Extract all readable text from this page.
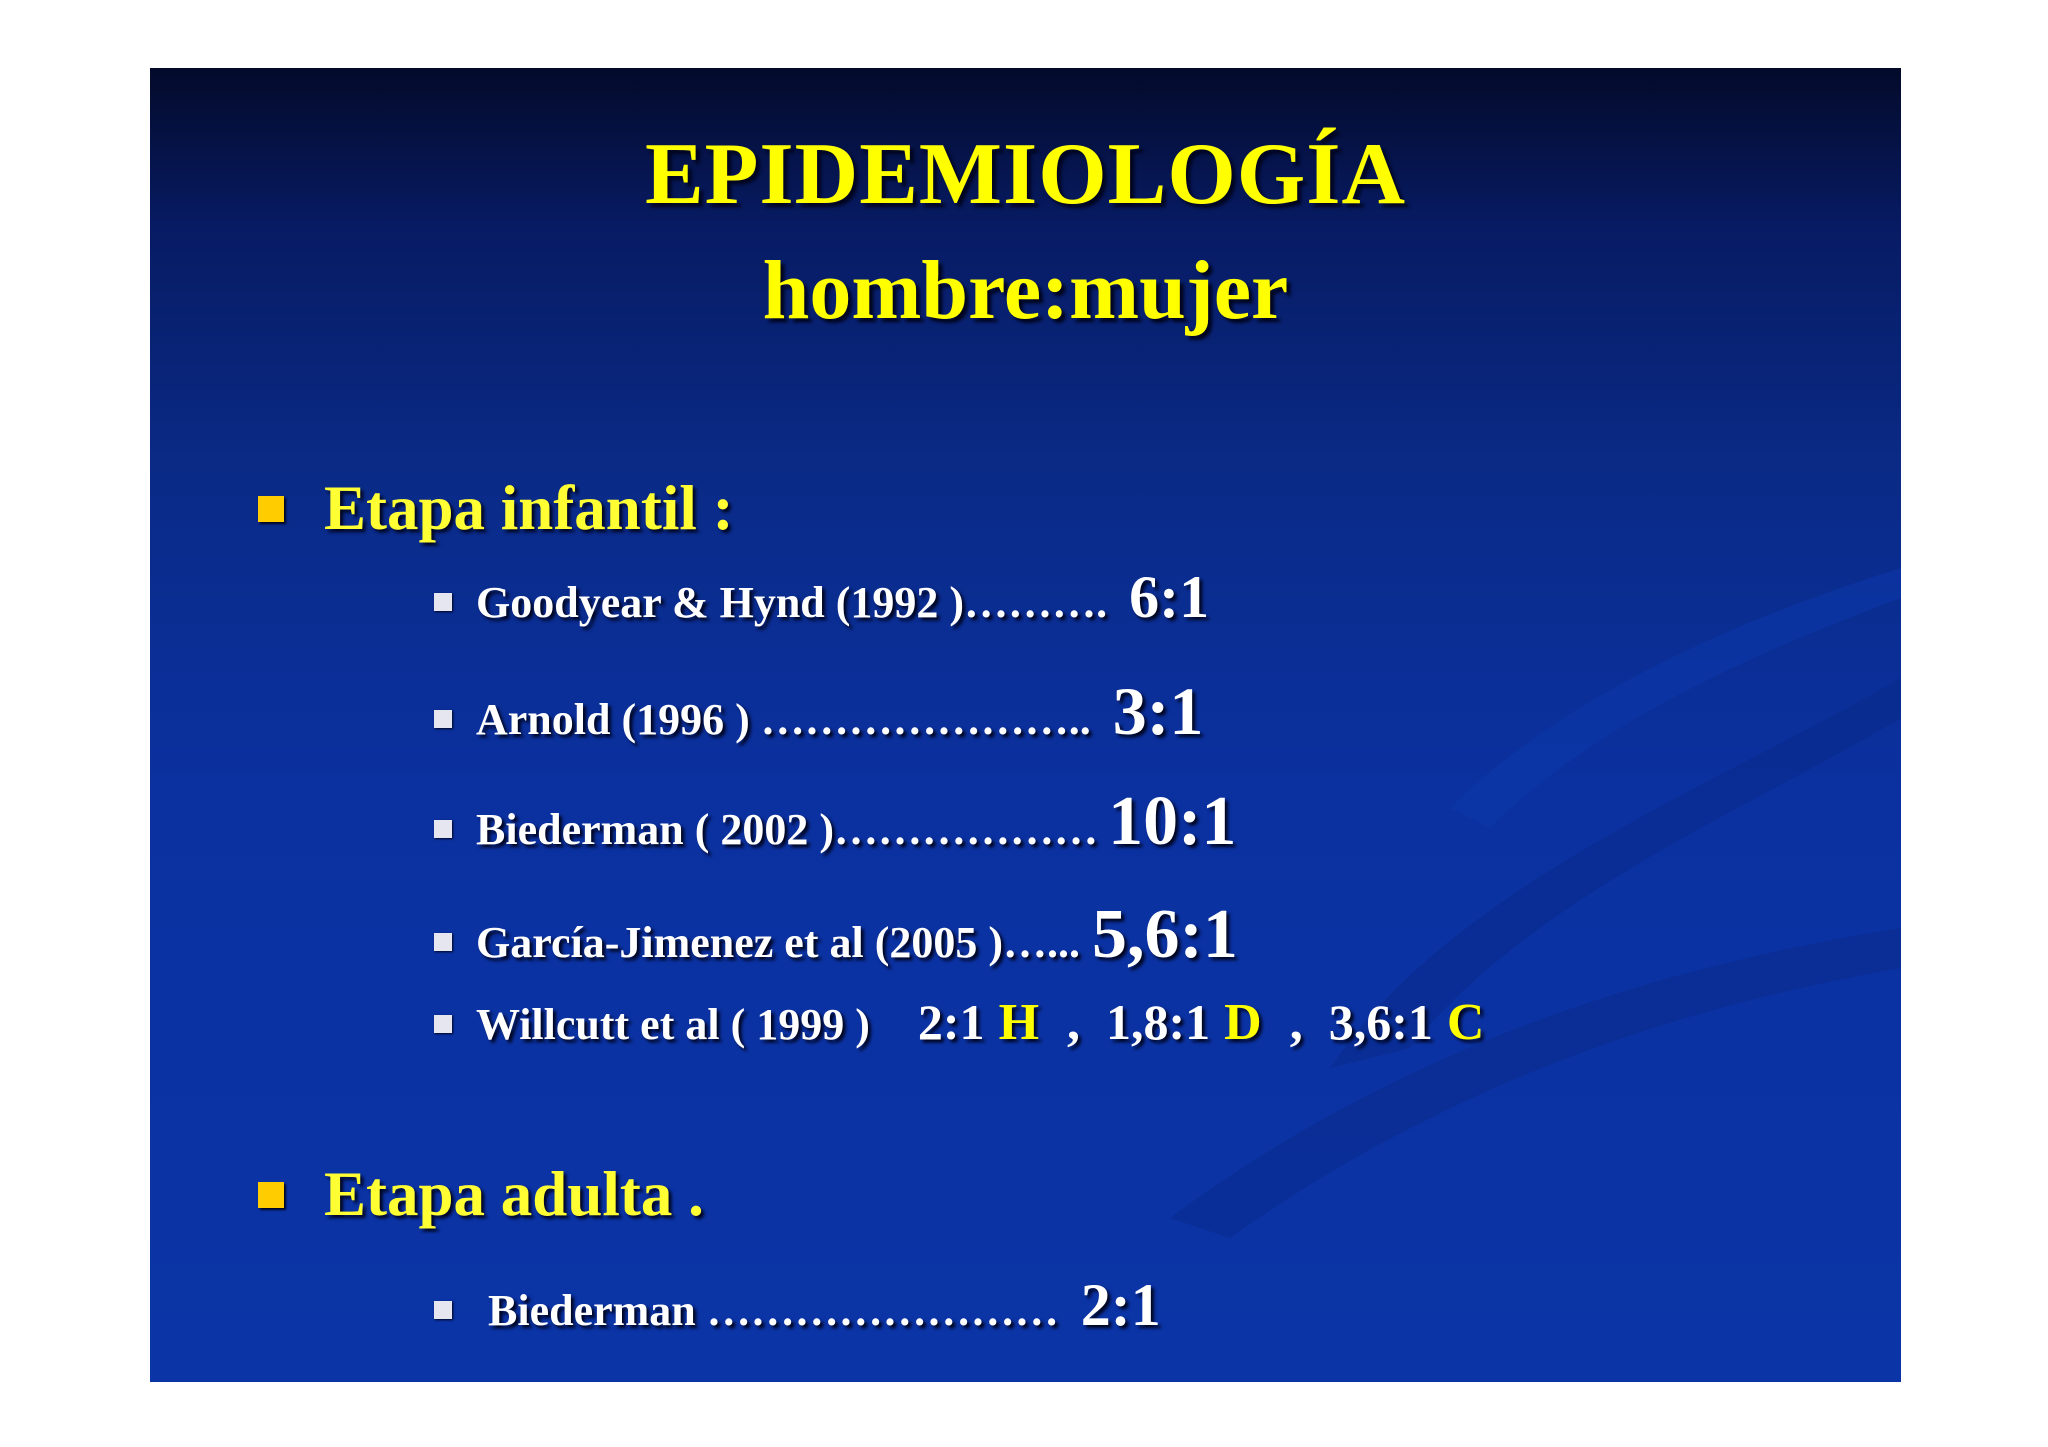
EPIDEMIOLOGÍA
hombre:mujer
Etapa infantil :
Goodyear & Hynd (1992 )………. 6:1
Arnold (1996 ) ………………….. 3:1
Biederman ( 2002 )……………… 10:1
García-Jimenez et al (2005 )…... 5,6:1
Willcutt et al ( 1999 ) 2:1 H , 1,8:1 D , 3,6:1 C
Etapa adulta .
Biederman …………………… 2:1
